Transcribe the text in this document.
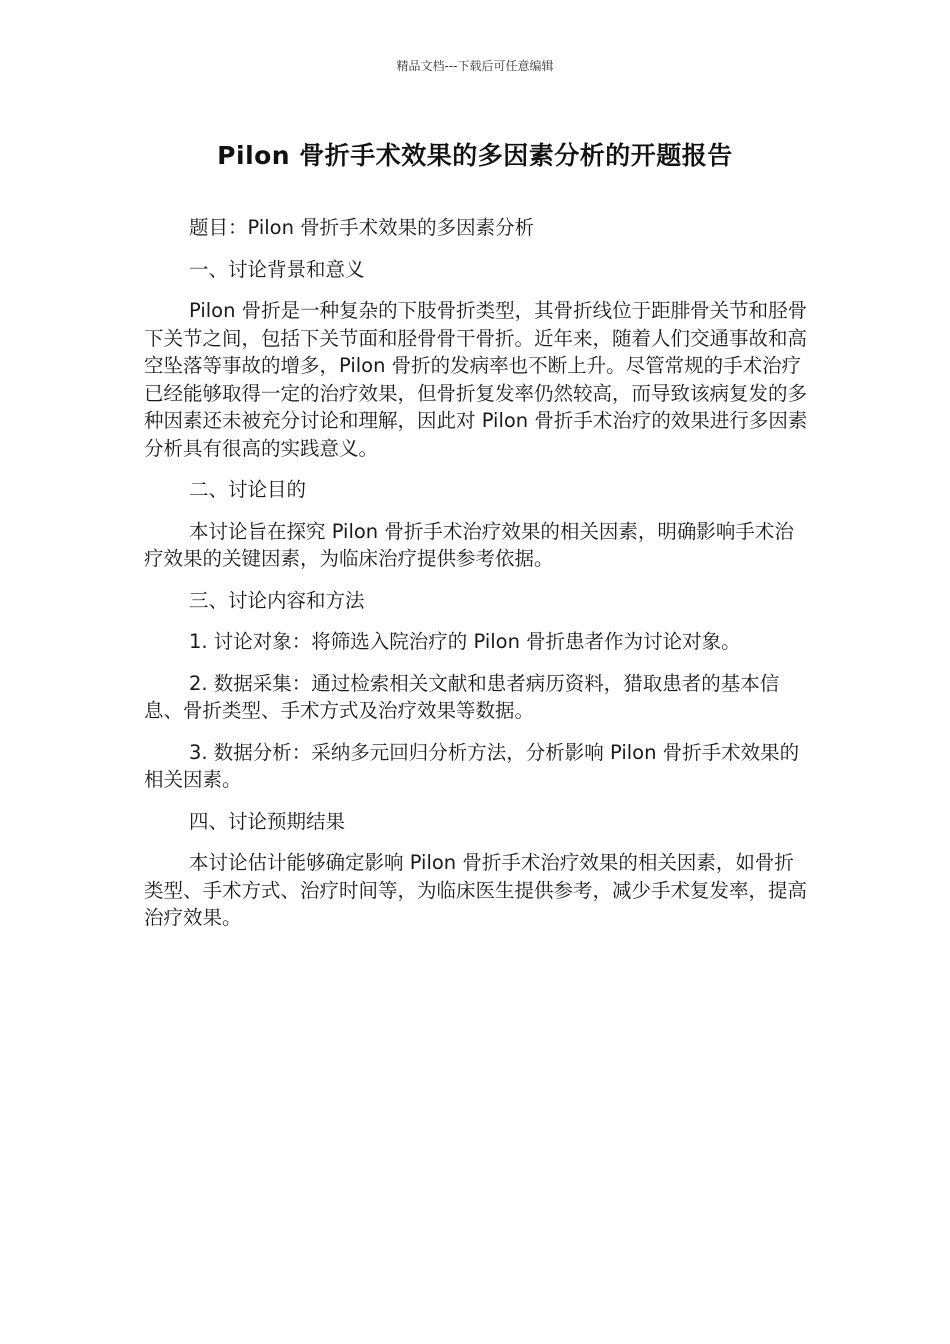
精品文档---下载后可任意编辑
Pilon 骨折手术效果的多因素分析的开题报告

题目：Pilon 骨折手术效果的多因素分析

一、讨论背景和意义

Pilon 骨折是一种复杂的下肢骨折类型，其骨折线位于距腓骨关节和胫骨下关节之间，包括下关节面和胫骨骨干骨折。近年来，随着人们交通事故和高空坠落等事故的增多，Pilon 骨折的发病率也不断上升。尽管常规的手术治疗已经能够取得一定的治疗效果，但骨折复发率仍然较高，而导致该病复发的多种因素还未被充分讨论和理解，因此对 Pilon 骨折手术治疗的效果进行多因素分析具有很高的实践意义。

二、讨论目的

本讨论旨在探究 Pilon 骨折手术治疗效果的相关因素，明确影响手术治疗效果的关键因素，为临床治疗提供参考依据。

三、讨论内容和方法

1. 讨论对象：将筛选入院治疗的 Pilon 骨折患者作为讨论对象。

2. 数据采集：通过检索相关文献和患者病历资料，猎取患者的基本信息、骨折类型、手术方式及治疗效果等数据。

3. 数据分析：采纳多元回归分析方法，分析影响 Pilon 骨折手术效果的相关因素。

四、讨论预期结果

本讨论估计能够确定影响 Pilon 骨折手术治疗效果的相关因素，如骨折类型、手术方式、治疗时间等，为临床医生提供参考，减少手术复发率，提高治疗效果。
